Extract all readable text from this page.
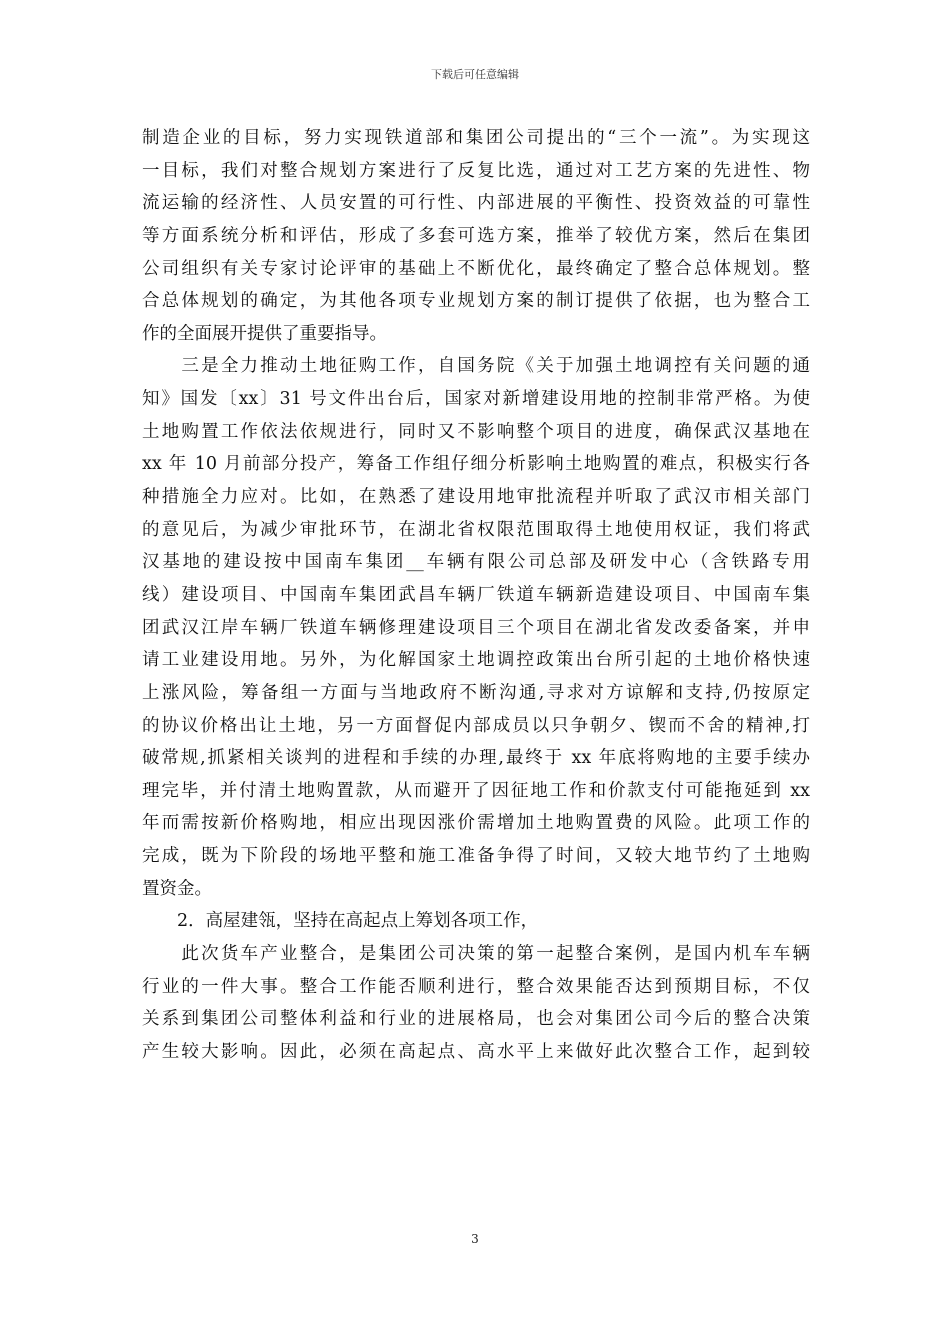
下载后可任意编辑
制造企业的目标，努力实现铁道部和集团公司提出的“三个一流”。为实现这
一目标，我们对整合规划方案进行了反复比选，通过对工艺方案的先进性、物
流运输的经济性、人员安置的可行性、内部进展的平衡性、投资效益的可靠性
等方面系统分析和评估，形成了多套可选方案，推举了较优方案，然后在集团
公司组织有关专家讨论评审的基础上不断优化，最终确定了整合总体规划。整
合总体规划的确定，为其他各项专业规划方案的制订提供了依据，也为整合工
作的全面展开提供了重要指导。
　　三是全力推动土地征购工作，自国务院《关于加强土地调控有关问题的通
知》国发〔xx〕31 号文件出台后，国家对新增建设用地的控制非常严格。为使
土地购置工作依法依规进行，同时又不影响整个项目的进度，确保武汉基地在
xx 年 10 月前部分投产，筹备工作组仔细分析影响土地购置的难点，积极实行各
种措施全力应对。比如，在熟悉了建设用地审批流程并听取了武汉市相关部门
的意见后，为减少审批环节，在湖北省权限范围取得土地使用权证，我们将武
汉基地的建设按中国南车集团__车辆有限公司总部及研发中心（含铁路专用
线）建设项目、中国南车集团武昌车辆厂铁道车辆新造建设项目、中国南车集
团武汉江岸车辆厂铁道车辆修理建设项目三个项目在湖北省发改委备案，并申
请工业建设用地。另外，为化解国家土地调控政策出台所引起的土地价格快速
上涨风险，筹备组一方面与当地政府不断沟通,寻求对方谅解和支持,仍按原定
的协议价格出让土地，另一方面督促内部成员以只争朝夕、锲而不舍的精神,打
破常规,抓紧相关谈判的进程和手续的办理,最终于 xx 年底将购地的主要手续办
理完毕，并付清土地购置款，从而避开了因征地工作和价款支付可能拖延到 xx
年而需按新价格购地，相应出现因涨价需增加土地购置费的风险。此项工作的
完成，既为下阶段的场地平整和施工准备争得了时间，又较大地节约了土地购
置资金。
　　2．高屋建瓴，坚持在高起点上筹划各项工作，
　　此次货车产业整合，是集团公司决策的第一起整合案例，是国内机车车辆
行业的一件大事。整合工作能否顺利进行，整合效果能否达到预期目标，不仅
关系到集团公司整体利益和行业的进展格局，也会对集团公司今后的整合决策
产生较大影响。因此，必须在高起点、高水平上来做好此次整合工作，起到较
3
